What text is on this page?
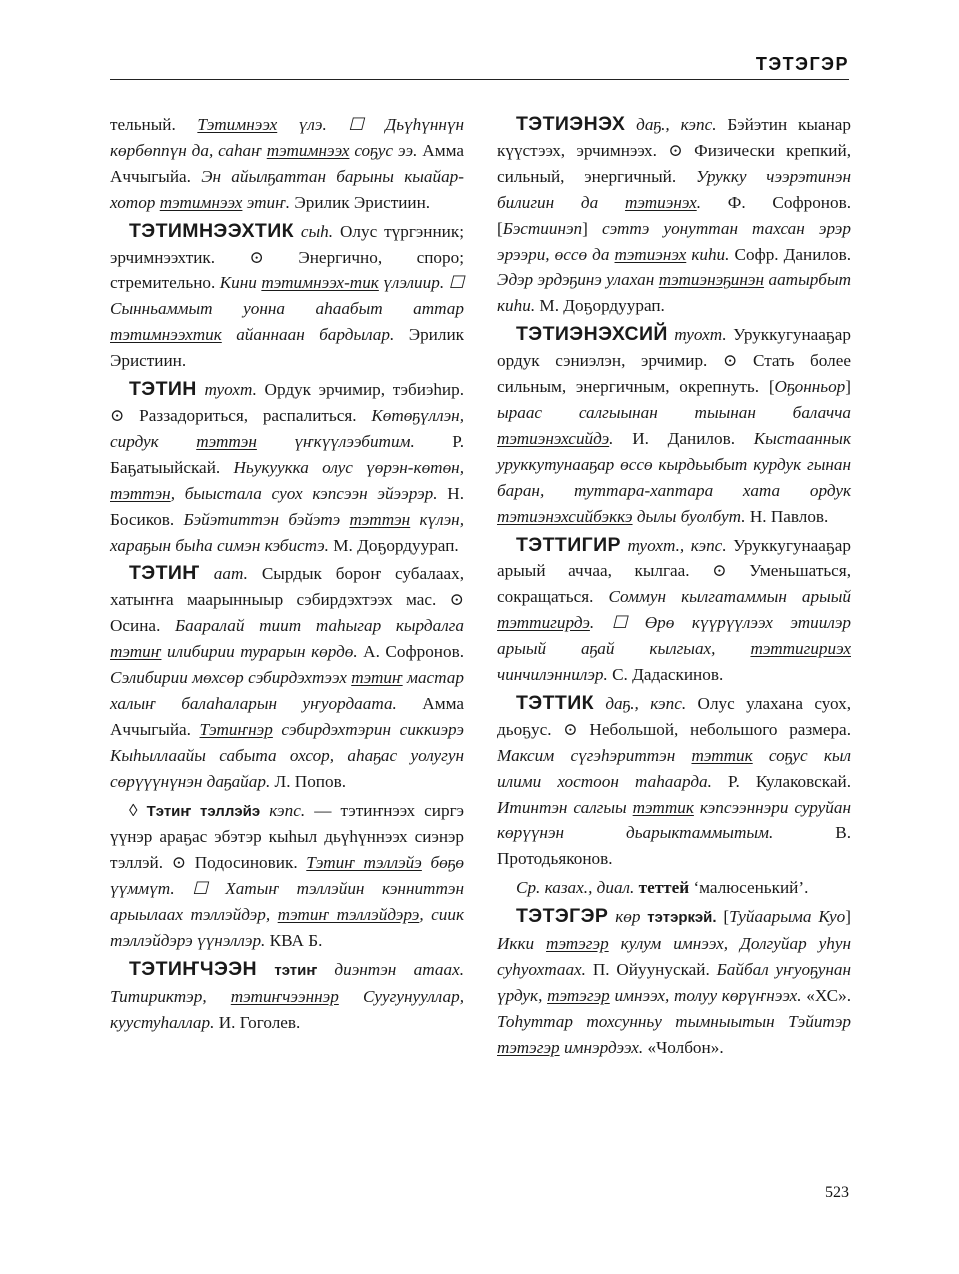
ТЭТЭГЭР

тельный. Тэтимнээх үлэ. ☐ Дьүһүннүн көрбөппүн да, саһаҥ тэтимнээх соҕус ээ. Амма Аччыгыйа. Эн айылҕаттан барыны кыайар-хотор тэтимнээх этиҥ. Эрилик Эристиин.

ТЭТИМНЭЭХТИК сыһ. Олус түргэнник; эрчимнээхтик. ⊙ Энергично, споро; стремительно. Кини тэтимнээх-тик үлэлиир. ☐ Сынньаммыт уонна аһаабыт аттар тэтимнээхтик айаннаан бардылар. Эрилик Эристиин.

ТЭТИН туохт. Ордук эрчимир, тэбиэһир. ⊙ Раззадориться, распалиться. Көтөҕүллэн, сирдук тэттэн үҥкүүлээбитим. Р. Баҕатыыйскай. Ньукуукка олус үөрэн-көтөн, тэттэн, быыстала суох кэпсээн эйээрэр. Н. Босиков. Бэйэтиттэн бэйэтэ тэттэн күлэн, хараҕын быһа симэн кэбистэ. М. Доҕордуурап.

ТЭТИҤ аат. Сырдык бороҥ субалаах, хатыҥҥа маарынныыр сэбирдэхтээх мас. ⊙ Осина. Бааралай тиит таһыгар кырдалга тэтиҥ илибирии турарын көрдө. А. Софронов. Сэлибирии мөхсөр сэбирдэхтээх тэтиҥ мастар халыҥ балаһаларын уҥуордаата. Амма Аччыгыйа. Тэтиҥнэр сэбирдэхтэрин сиккиэрэ Кыһыллаайы сабыта охсор, аһаҕас уолугун сөрүүүнүнэн даҕайар. Л. Попов.

◊ Тэтиҥ тэллэйэ кэпс. — тэтиҥнээх сиргэ үүнэр араҕас эбэтэр кыһыл дьүһүннээх сиэнэр тэллэй. ⊙ Подосиновик. Тэтиҥ тэллэйэ бөҕө үүммүт. ☐ Хатыҥ тэллэйин кэнниттэн арыылаах тэллэйдэр, тэтиҥ тэллэйдэрэ, сиик тэллэйдэрэ үүнэллэр. КВА Б.

ТЭТИҤЧЭЭН тэтиҥ диэнтэн атаах. Титириктэр, тэтиҥчээннэр Суугунууллар, куустуһаллар. И. Гоголев.

ТЭТИЭНЭХ даҕ., кэпс. Бэйэтин кыанар күүстээх, эрчимнээх. ⊙ Физически крепкий, сильный, энергичный. Урукку чээрэтинэн билигин да тэтиэнэх. Ф. Софронов. [Бэстиинэп] сэттэ уонуттан тахсан эрэр эрээри, өссө да тэтиэнэх киһи. Софр. Данилов. Эдэр эрдэҕинэ улахан тэтиэнэҕинэн аатырбыт киһи. М. Доҕордуурап.

ТЭТИЭНЭХСИЙ туохт. Уруккугунааҕар ордук сэниэлэн, эрчимир. ⊙ Стать более сильным, энергичным, окрепнуть. [Оҕонньор] ыраас салгыынан тыынан балачча тэтиэнэхсийдэ. И. Данилов. Кыстааннык уруккутунааҕар өссө кырдьыбыт курдук гынан баран, туттара-хаптара хата ордук тэтиэнэхсийбэккэ дылы буолбут. Н. Павлов.

ТЭТТИГИР туохт., кэпс. Уруккугунааҕар арыый аччаа, кылгаа. ⊙ Уменьшаться, сокращаться. Соммун кылгатаммын арыый тэттигирдэ. ☐ Өрө күүрүүлээх этиилэр арыый аҕай кылгыах, тэттигириэх чинчилэннилэр. С. Дадаскинов.

ТЭТТИК даҕ., кэпс. Олус улахана суох, дьоҕус. ⊙ Небольшой, небольшого размера. Максим сүгэһэриттэн тэттик соҕус кыл илими хостоон таһаарда. Р. Кулаковскай. Итинтэн салгыы тэттик кэпсээннэри суруйан көрүүнэн дьарыктаммытым. В. Протодьяконов.

Ср. казах., диал. теттей ‘малюсенький’.

ТЭТЭГЭР көр тэтэркэй. [Туйаарыма Куо] Икки тэтэгэр кулум имнээх, Долгуйар уһун суһуохтаах. П. Ойуунускай. Байбал уҥуоҕунан үрдук, тэтэгэр имнээх, толуу көрүҥнээх. «ХС». Тоһуттар тохсунньу тымныытын Тэйитэр тэтэгэр имнэрдээх. «Чолбон».

523
